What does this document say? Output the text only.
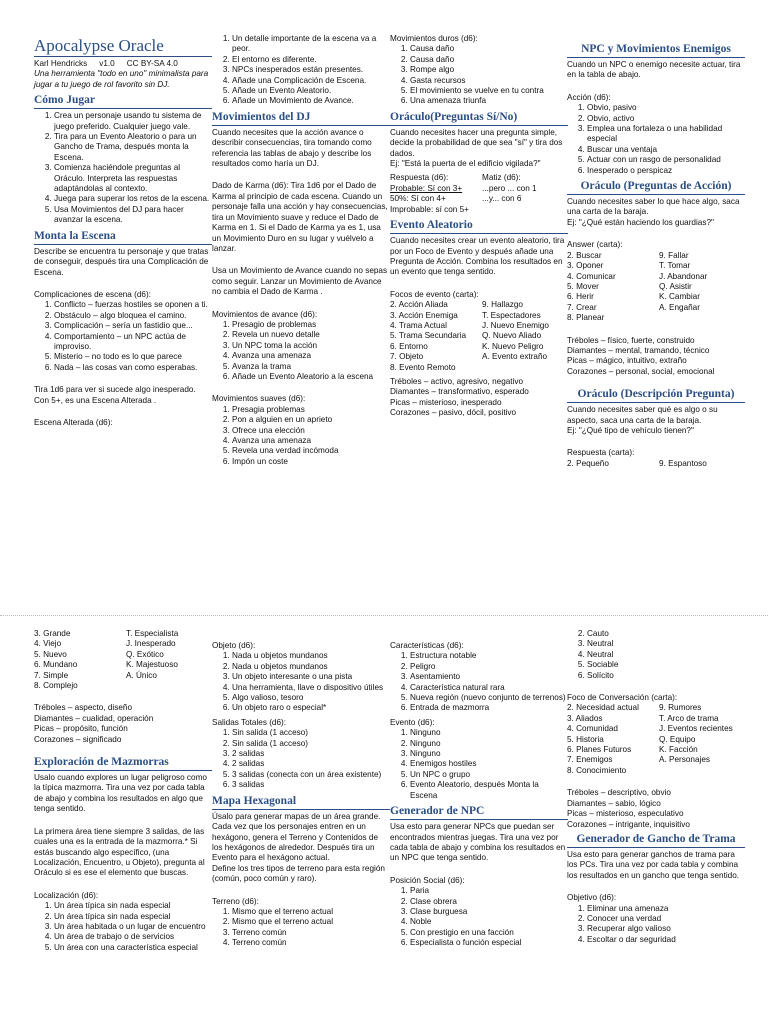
Apocalypse Oracle
Karl Hendricks v1.0 CC BY-SA 4.0

Una herramienta "todo en uno" minimalista para jugar a tu juego de rol favorito sin DJ.

Cómo Jugar
1. Crea un personaje usando tu sistema de juego preferido. Cualquier juego vale.
2. Tira para un Evento Aleatorio o para un Gancho de Trama, después monta la Escena.
3. Comienza haciéndole preguntas al Oráculo. Interpreta las respuestas adaptándolas al contexto.
4. Juega para superar los retos de la escena.
5. Usa Movimientos del DJ para hacer avanzar la escena.
Monta la Escena

Describe se encuentra tu personaje y que tratas de conseguir, después tira una Complicación de Escena.

Complicaciones de escena (d6):

1. Conflicto – fuerzas hostiles se oponen a ti.
2. Obstáculo – algo bloquea el camino.
3. Complicación – sería un fastidio que...
4. Comportamiento – un NPC actúa de improviso.
5. Misterio – no todo es lo que parece
6. Nada – las cosas van como esperabas.

Tira 1d6 para ver si sucede algo inesperado. Con 5+, es una Escena Alterada .

Escena Alterada (d6):

1. Un detalle importante de la escena va a peor.
2. El entorno es diferente.
3. NPCs inesperados están presentes.
4. Añade una Complicación de Escena.
5. Añade un Evento Aleatorio.
6. Añade un Movimiento de Avance.
Movimientos del DJ

Cuando necesites que la acción avance o describir consecuencias, tira tomando como referencia las tablas de abajo y describe los resultados como haría un DJ.

Dado de Karma (d6): Tira 1d6 por el Dado de Karma al principio de cada escena. Cuando un personaje falla una acción y hay consecuencias, tira un Movimiento suave y reduce el Dado de Karma en 1. Si el Dado de Karma ya es 1, usa un Movimiento Duro en su lugar y vuélvelo a lanzar.

Usa un Movimiento de Avance cuando no sepas como seguir. Lanzar un Movimiento de Avance no cambia el Dado de Karma .

Movimientos de avance (d6):

1. Presagio de problemas
2. Revela un nuevo detalle
3. Un NPC toma la acción
4. Avanza una amenaza
5. Avanza la trama
6. Añade un Evento Aleatorio a la escena

Movimientos suaves (d6):

1. Presagia problemas
2. Pon a alguien en un aprieto
3. Ofrece una elección
4. Avanza una amenaza
5. Revela una verdad incómoda
6. Impón un coste

Movimientos duros (d6):

1. Causa daño
2. Causa daño
3. Rompe algo
4. Gasta recursos
5. El movimiento se vuelve en tu contra
6. Una amenaza triunfa
Oráculo(Preguntas Sí/No)

Cuando necesites hacer una pregunta simple, decide la probabilidad de que sea "sí" y tira dos dados.

Ej: "Está la puerta de el edificio vigilada?"

Respuesta (d6):
Probable: Sí con 3+
50%: Sí con 4+
Improbable: sí con 5+
Matiz (d6):
...pero ... con 1
...y... con 6
Evento Aleatorio

Cuando necesites crear un evento aleatorio, tira por un Foco de Evento y después añade una Pregunta de Acción. Combina los resultados en un evento que tenga sentido.

Focos de evento (carta):

2. Acción Aliada	9. Hallazgo
3. Acción Enemiga	T. Espectadores
4. Trama Actual	J. Nuevo Enemigo
5. Trama Secundaria	Q. Nuevo Aliado
6. Entorno	K. Nuevo Peligro
7. Objeto	A. Evento extraño
8. Evento Remoto
Tréboles – activo, agresivo, negativo
Diamantes – transformativo, esperado
Picas – misterioso, inesperado
Corazones – pasivo, dócil, positivo
NPC y Movimientos Enemigos

Cuando un NPC o enemigo necesite actuar, tira en la tabla de abajo.

Acción (d6):

1. Obvio, pasivo
2. Obvio, activo
3. Emplea una fortaleza o una habilidad especial
4. Buscar una ventaja
5. Actuar con un rasgo de personalidad
6. Inesperado o perspicaz
Oráculo (Preguntas de Acción)

Cuando necesites saber lo que hace algo, saca una carta de la baraja.

Ej: "¿Qué están haciendo los guardias?"

Answer (carta):

2. Buscar	9. Fallar
3. Oponer	T. Tomar
4. Comunicar	J. Abandonar
5. Mover	Q. Asistir
6. Herir	K. Cambiar
7. Crear	A. Engañar
8. Planear
Tréboles – físico, fuerte, construido
Diamantes – mental, tramando, técnico
Picas – mágico, intuitivo, extraño
Corazones – personal, social, emocional
Oráculo (Descripción Pregunta)

Cuando necesites saber qué es algo o su aspecto, saca una carta de la baraja.

Ej: "¿Qué tipo de vehículo tienen?"

Respuesta (carta):

2. Pequeño	9. Espantoso
3. Grande	T. Especialista
4. Viejo	J. Inesperado
5. Nuevo	Q. Exótico
6. Mundano	K. Majestuoso
7. Simple	A. Único
8. Complejo
Tréboles – aspecto, diseño
Diamantes – cualidad, operación
Picas – propósito, función
Corazones – significado
Exploración de Mazmorras

Usalo cuando explores un lugar peligroso como la típica mazmorra. Tira una vez por cada tabla de abajo y combina los resultados en algo que tenga sentido.

La primera área tiene siempre 3 salidas, de las cuales una es la entrada de la mazmorra.* Si estás buscando algo específico, (una Localización, Encuentro, u Objeto), pregunta al Oráculo si es ese el elemento que buscas.

Localización (d6):

1. Un área típica sin nada especial
2. Un área típica sin nada especial
3. Un área habitada o un lugar de encuentro
4. Un área de trabajo o de servicios
5. Un área con una característica especial

Objeto (d6):

1. Nada u objetos mundanos
2. Nada u objetos mundanos
3. Un objeto interesante o una pista
4. Una herramienta, llave o dispositivo útiles
5. Algo valioso, tesoro
6. Un objeto raro o especial*

Salidas Totales (d6):

1. Sin salida (1 acceso)
2. Sin salida (1 acceso)
3. 2 salidas
4. 2 salidas
5. 3 salidas (conecta con un área existente)
6. 3 salidas
Mapa Hexagonal

Úsalo para generar mapas de un área grande. Cada vez que los personajes entren en un hexágono, genera el Terreno y Contenidos de los hexágonos de alrededor. Después tira un Evento para el hexágono actual.

Define los tres tipos de terreno para esta región (común, poco común y raro).

Terreno (d6):

1. Mismo que el terreno actual
2. Mismo que el terreno actual
3. Terreno común
4. Terreno común

Características (d6):

1. Estructura notable
2. Peligro
3. Asentamiento
4. Característica natural rara
5. Nueva región (nuevo conjunto de terrenos)
6. Entrada de mazmorra

Evento (d6):

1. Ninguno
2. Ninguno
3. Ninguno
4. Enemigos hostiles
5. Un NPC o grupo
6. Evento Aleatorio, después Monta la Escena
Generador de NPC

Usa esto para generar NPCs que puedan ser encontrados mientras juegas. Tira una vez por cada tabla de abajo y combina los resultados en un NPC que tenga sentido.

Posición Social (d6):

1. Paria
2. Clase obrera
3. Clase burguesa
4. Noble
5. Con prestigio en una facción
6. Especialista o función especial
2. Cauto
3. Neutral
4. Neutral
5. Sociable
6. Solícito

Foco de Conversación (carta):

2. Necesidad actual	9. Rumores
3. Aliados	T. Arco de trama
4. Comunidad	J. Eventos recientes
5. Historia	Q. Equipo
6. Planes Futuros	K. Facción
7. Enemigos	A. Personajes
8. Conocimiento
Tréboles – descriptivo, obvio
Diamantes – sabio, lógico
Picas – misterioso, especulativo
Corazones – intrigante, inquisitivo
Generador de Gancho de Trama

Usa esto para generar ganchos de trama para los PCs. Tira una vez por cada tabla y combina los resultados en un gancho que tenga sentido.

Objetivo (d6):

1. Eliminar una amenaza
2. Conocer una verdad
3. Recuperar algo valioso
4. Escoltar o dar seguridad
